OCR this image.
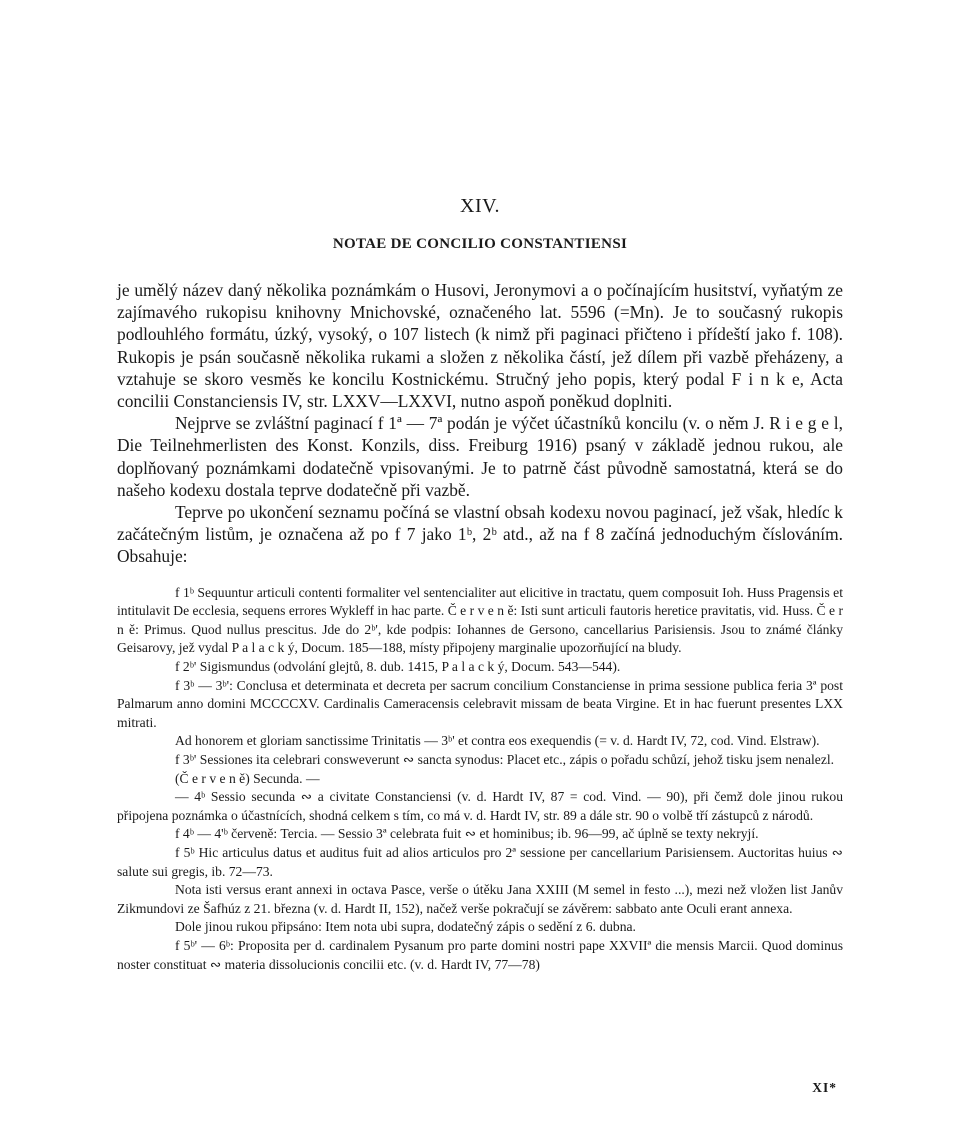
XIV.
NOTAE DE CONCILIO CONSTANTIENSI

je umělý název daný několika poznámkám o Husovi, Jeronymovi a o počínajícím husitství, vyňatým ze zajímavého rukopisu knihovny Mnichovské, označeného lat. 5596 (=Mn). Je to současný rukopis podlouhlého formátu, úzký, vysoký, o 107 listech (k nimž při paginaci přičteno i přídeští jako f. 108). Rukopis je psán současně několika rukami a složen z několika částí, jež dílem při vazbě přeházeny, a vztahuje se skoro vesměs ke koncilu Kostnickému. Stručný jeho popis, který podal F i n k e, Acta concilii Constanciensis IV, str. LXXV—LXXVI, nutno aspoň poněkud doplniti.

Nejprve se zvláštní paginací f 1ª — 7ª podán je výčet účastníků koncilu (v. o něm J. R i e g e l, Die Teilnehmerlisten des Konst. Konzils, diss. Freiburg 1916) psaný v základě jednou rukou, ale doplňovaný poznámkami dodatečně vpisovanými. Je to patrně část původně samostatná, která se do našeho kodexu dostala teprve dodatečně při vazbě.

Teprve po ukončení seznamu počíná se vlastní obsah kodexu novou paginací, jež však, hledíc k začátečným listům, je označena až po f 7 jako 1ᵇ, 2ᵇ atd., až na f 8 začíná jednoduchým číslováním. Obsahuje:

f 1ᵇ Sequuntur articuli contenti formaliter vel sentencialiter aut elicitive in tractatu, quem composuit Ioh. Huss Pragensis et intitulavit De ecclesia, sequens errores Wykleff in hac parte. Č e r v e n ě: Isti sunt articuli fautoris heretice pravitatis, vid. Huss. Č e r n ě: Primus. Quod nullus prescitus. Jde do 2ᵇ', kde podpis: Iohannes de Gersono, cancellarius Parisiensis. Jsou to známé články Geisarovy, jež vydal P a l a c k ý, Docum. 185—188, místy připojeny marginalie upozorňující na bludy.

f 2ᵇ' Sigismundus (odvolání glejtů, 8. dub. 1415, P a l a c k ý, Docum. 543—544).

f 3ᵇ — 3ᵇ': Conclusa et determinata et decreta per sacrum concilium Constanciense in prima sessione publica feria 3ª post Palmarum anno domini MCCCCXV. Cardinalis Cameracensis celebravit missam de beata Virgine. Et in hac fuerunt presentes LXX mitrati.

Ad honorem et gloriam sanctissime Trinitatis — 3ᵇ' et contra eos exequendis (= v. d. Hardt IV, 72, cod. Vind. Elstraw).

f 3ᵇ' Sessiones ita celebrari consweverunt ∾ sancta synodus: Placet etc., zápis o pořadu schůzí, jehož tisku jsem nenalezl.

(Č e r v e n ě) Secunda. —

— 4ᵇ Sessio secunda ∾ a civitate Constanciensi (v. d. Hardt IV, 87 = cod. Vind. — 90), při čemž dole jinou rukou připojena poznámka o účastnících, shodná celkem s tím, co má v. d. Hardt IV, str. 89 a dále str. 90 o volbě tří zástupců z národů.

f 4ᵇ — 4'ᵇ červeně: Tercia. — Sessio 3ª celebrata fuit ∾ et hominibus; ib. 96—99, ač úplně se texty nekryjí.

f 5ᵇ Hic articulus datus et auditus fuit ad alios articulos pro 2ª sessione per cancellarium Parisiensem. Auctoritas huius ∾ salute sui gregis, ib. 72—73.

Nota isti versus erant annexi in octava Pasce, verše o útěku Jana XXIII (M semel in festo ...), mezi než vložen list Janův Zikmundovi ze Šafhúz z 21. března (v. d. Hardt II, 152), načež verše pokračují se závěrem: sabbato ante Oculi erant annexa.

Dole jinou rukou připsáno: Item nota ubi supra, dodatečný zápis o sedění z 6. dubna.

f 5ᵇ' — 6ᵇ: Proposita per d. cardinalem Pysanum pro parte domini nostri pape XXVIIª die mensis Marcii. Quod dominus noster constituat ∾ materia dissolucionis concilii etc. (v. d. Hardt IV, 77—78)

XI*
